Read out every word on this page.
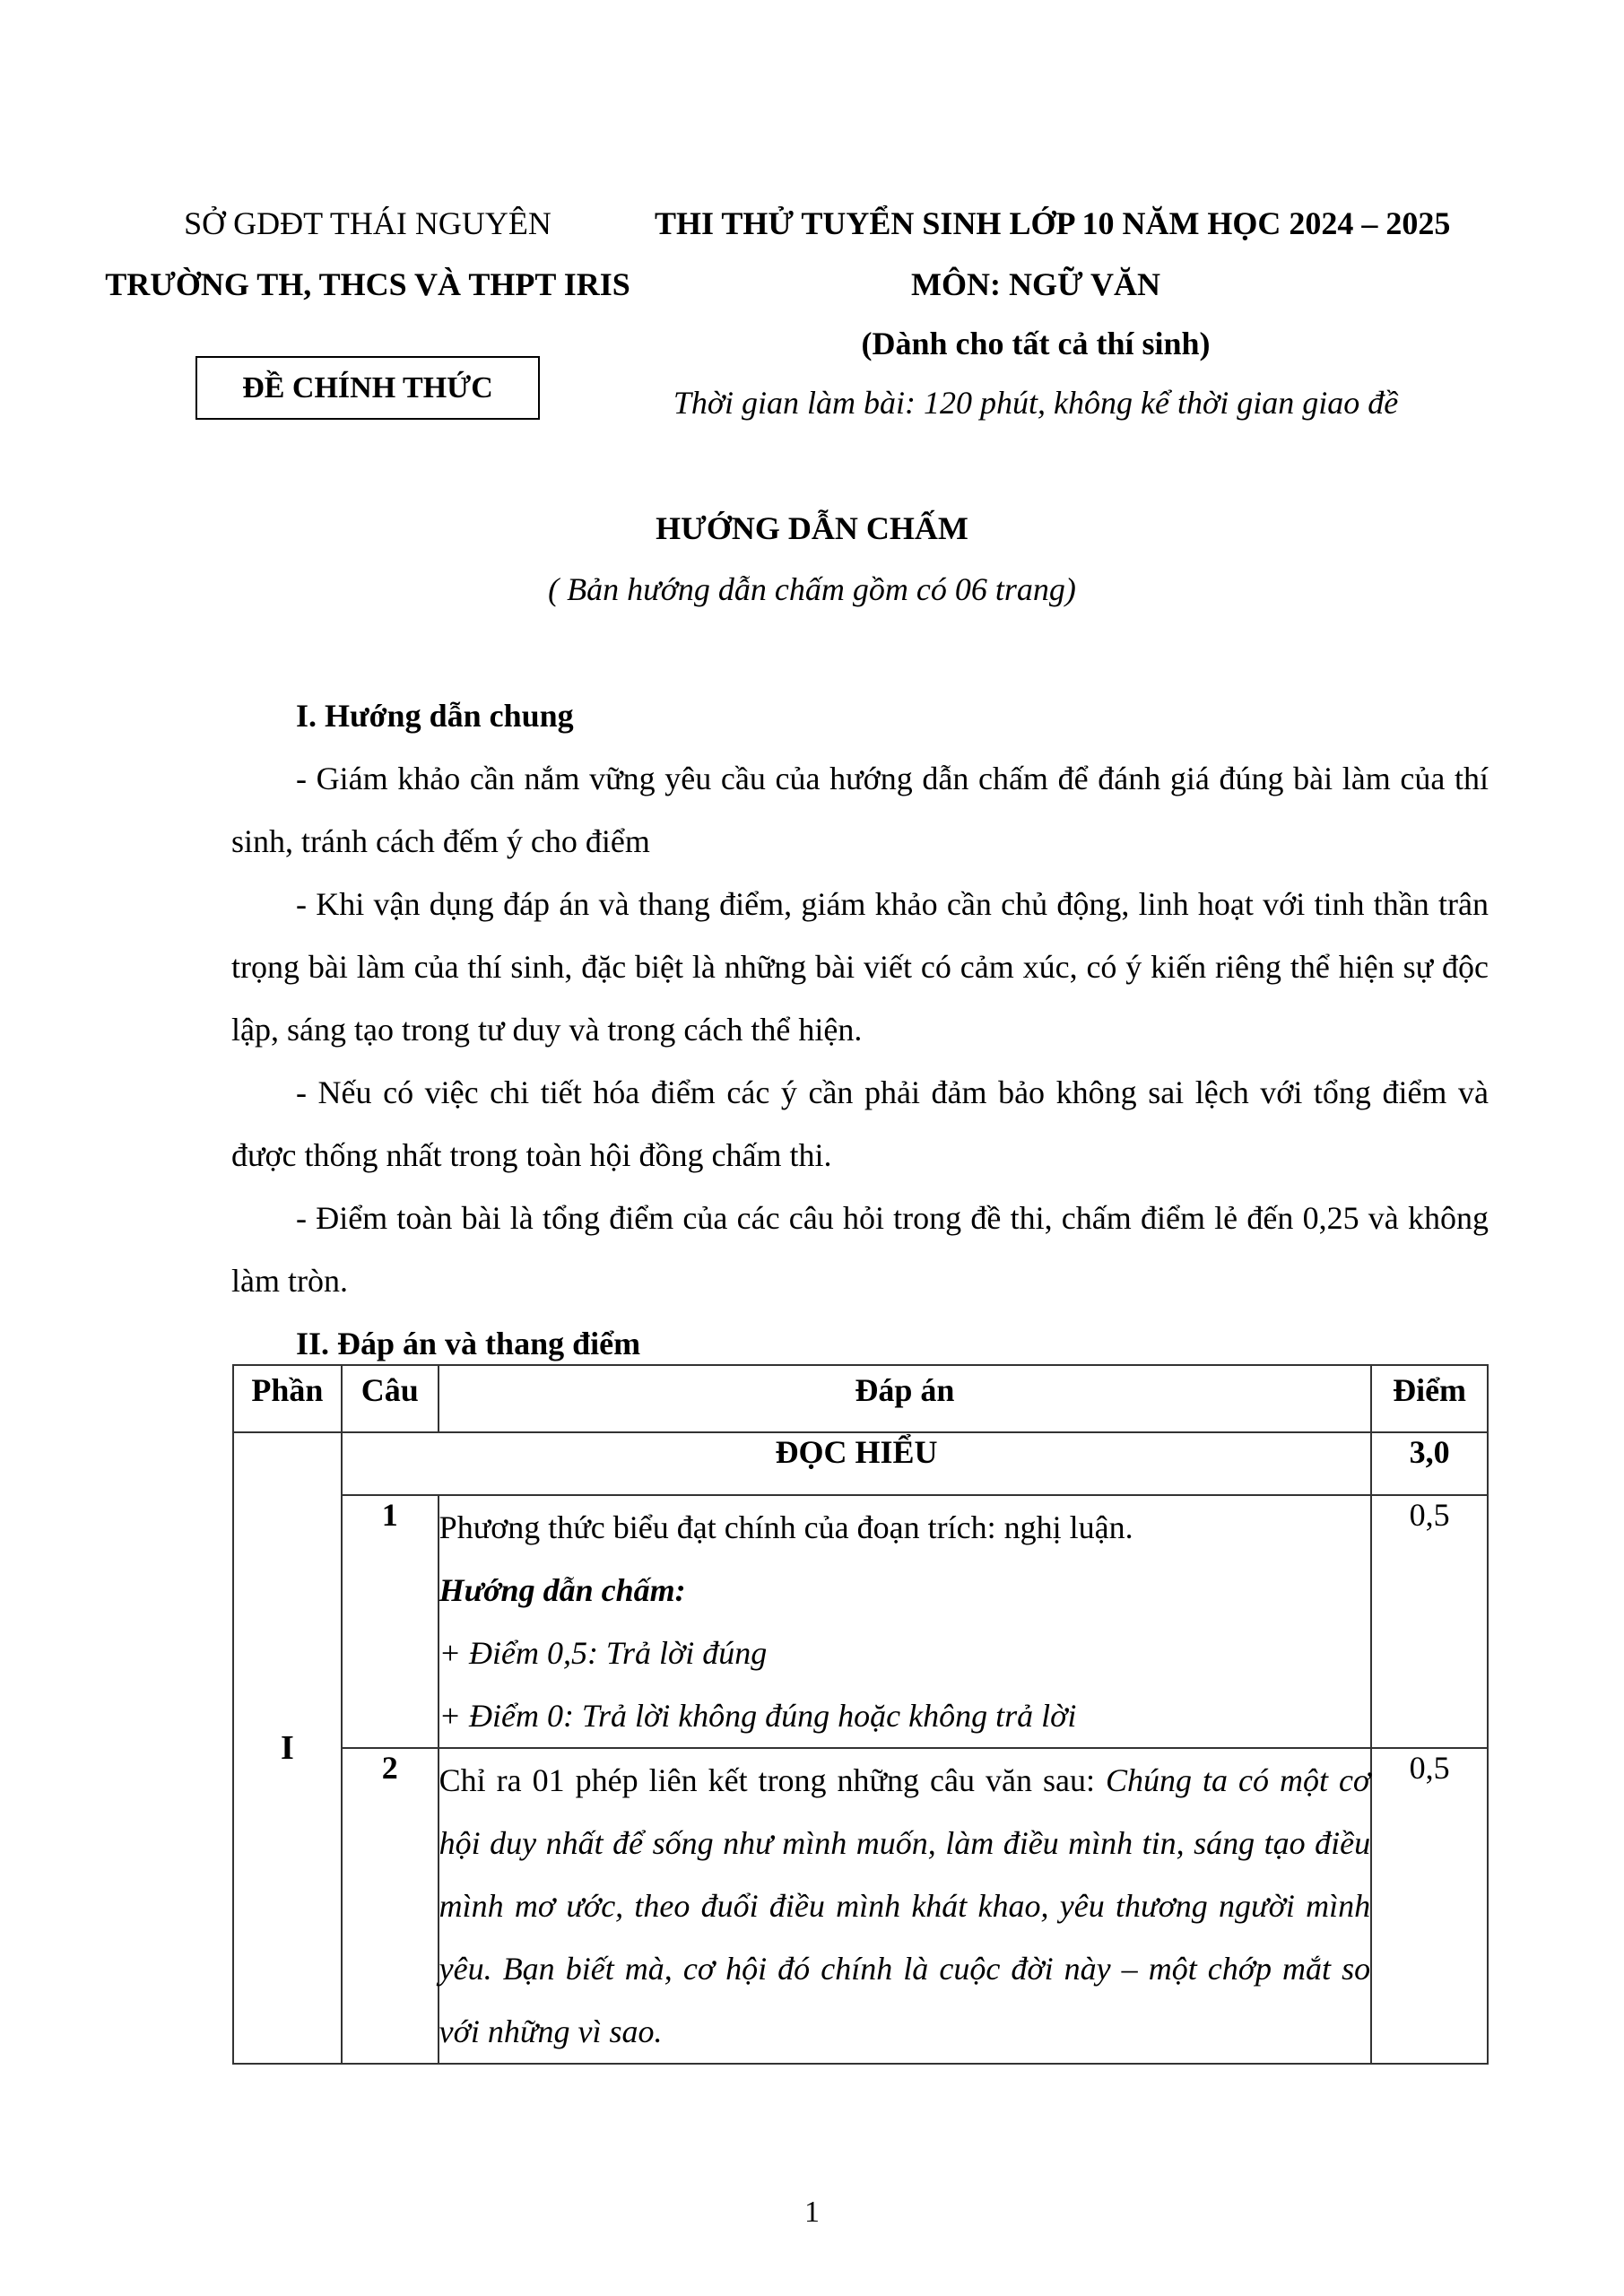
SỞ GDĐT THÁI NGUYÊN
TRƯỜNG TH, THCS VÀ THPT IRIS
ĐỀ CHÍNH THỨC
THI THỬ TUYỂN SINH LỚP 10 NĂM HỌC 2024 – 2025
MÔN: NGỮ VĂN
(Dành cho tất cả thí sinh)
Thời gian làm bài: 120 phút, không kể thời gian giao đề
HƯỚNG DẪN CHẤM
( Bản hướng dẫn chấm gồm có 06 trang)

I. Hướng dẫn chung

- Giám khảo cần nắm vững yêu cầu của hướng dẫn chấm để đánh giá đúng bài làm của thí sinh, tránh cách đếm ý cho điểm

- Khi vận dụng đáp án và thang điểm, giám khảo cần chủ động, linh hoạt với tinh thần trân trọng bài làm của thí sinh, đặc biệt là những bài viết có cảm xúc, có ý kiến riêng thể hiện sự độc lập, sáng tạo trong tư duy và trong cách thể hiện.

- Nếu có việc chi tiết hóa điểm các ý cần phải đảm bảo không sai lệch với tổng điểm và được thống nhất trong toàn hội đồng chấm thi.

- Điểm toàn bài là tổng điểm của các câu hỏi trong đề thi, chấm điểm lẻ đến 0,25 và không làm tròn.

II. Đáp án và thang điểm

Phần	Câu	Đáp án	Điểm
I	ĐỌC HIỂU		3,0
	1	Phương thức biểu đạt chính của đoạn trích: nghị luận.
Hướng dẫn chấm:
+ Điểm 0,5: Trả lời đúng
+ Điểm 0: Trả lời không đúng hoặc không trả lời	0,5
	2	Chỉ ra 01 phép liên kết trong những câu văn sau: Chúng ta có một cơ hội duy nhất để sống như mình muốn, làm điều mình tin, sáng tạo điều mình mơ ước, theo đuổi điều mình khát khao, yêu thương người mình yêu. Bạn biết mà, cơ hội đó chính là cuộc đời này – một chớp mắt so với những vì sao.	0,5
1
